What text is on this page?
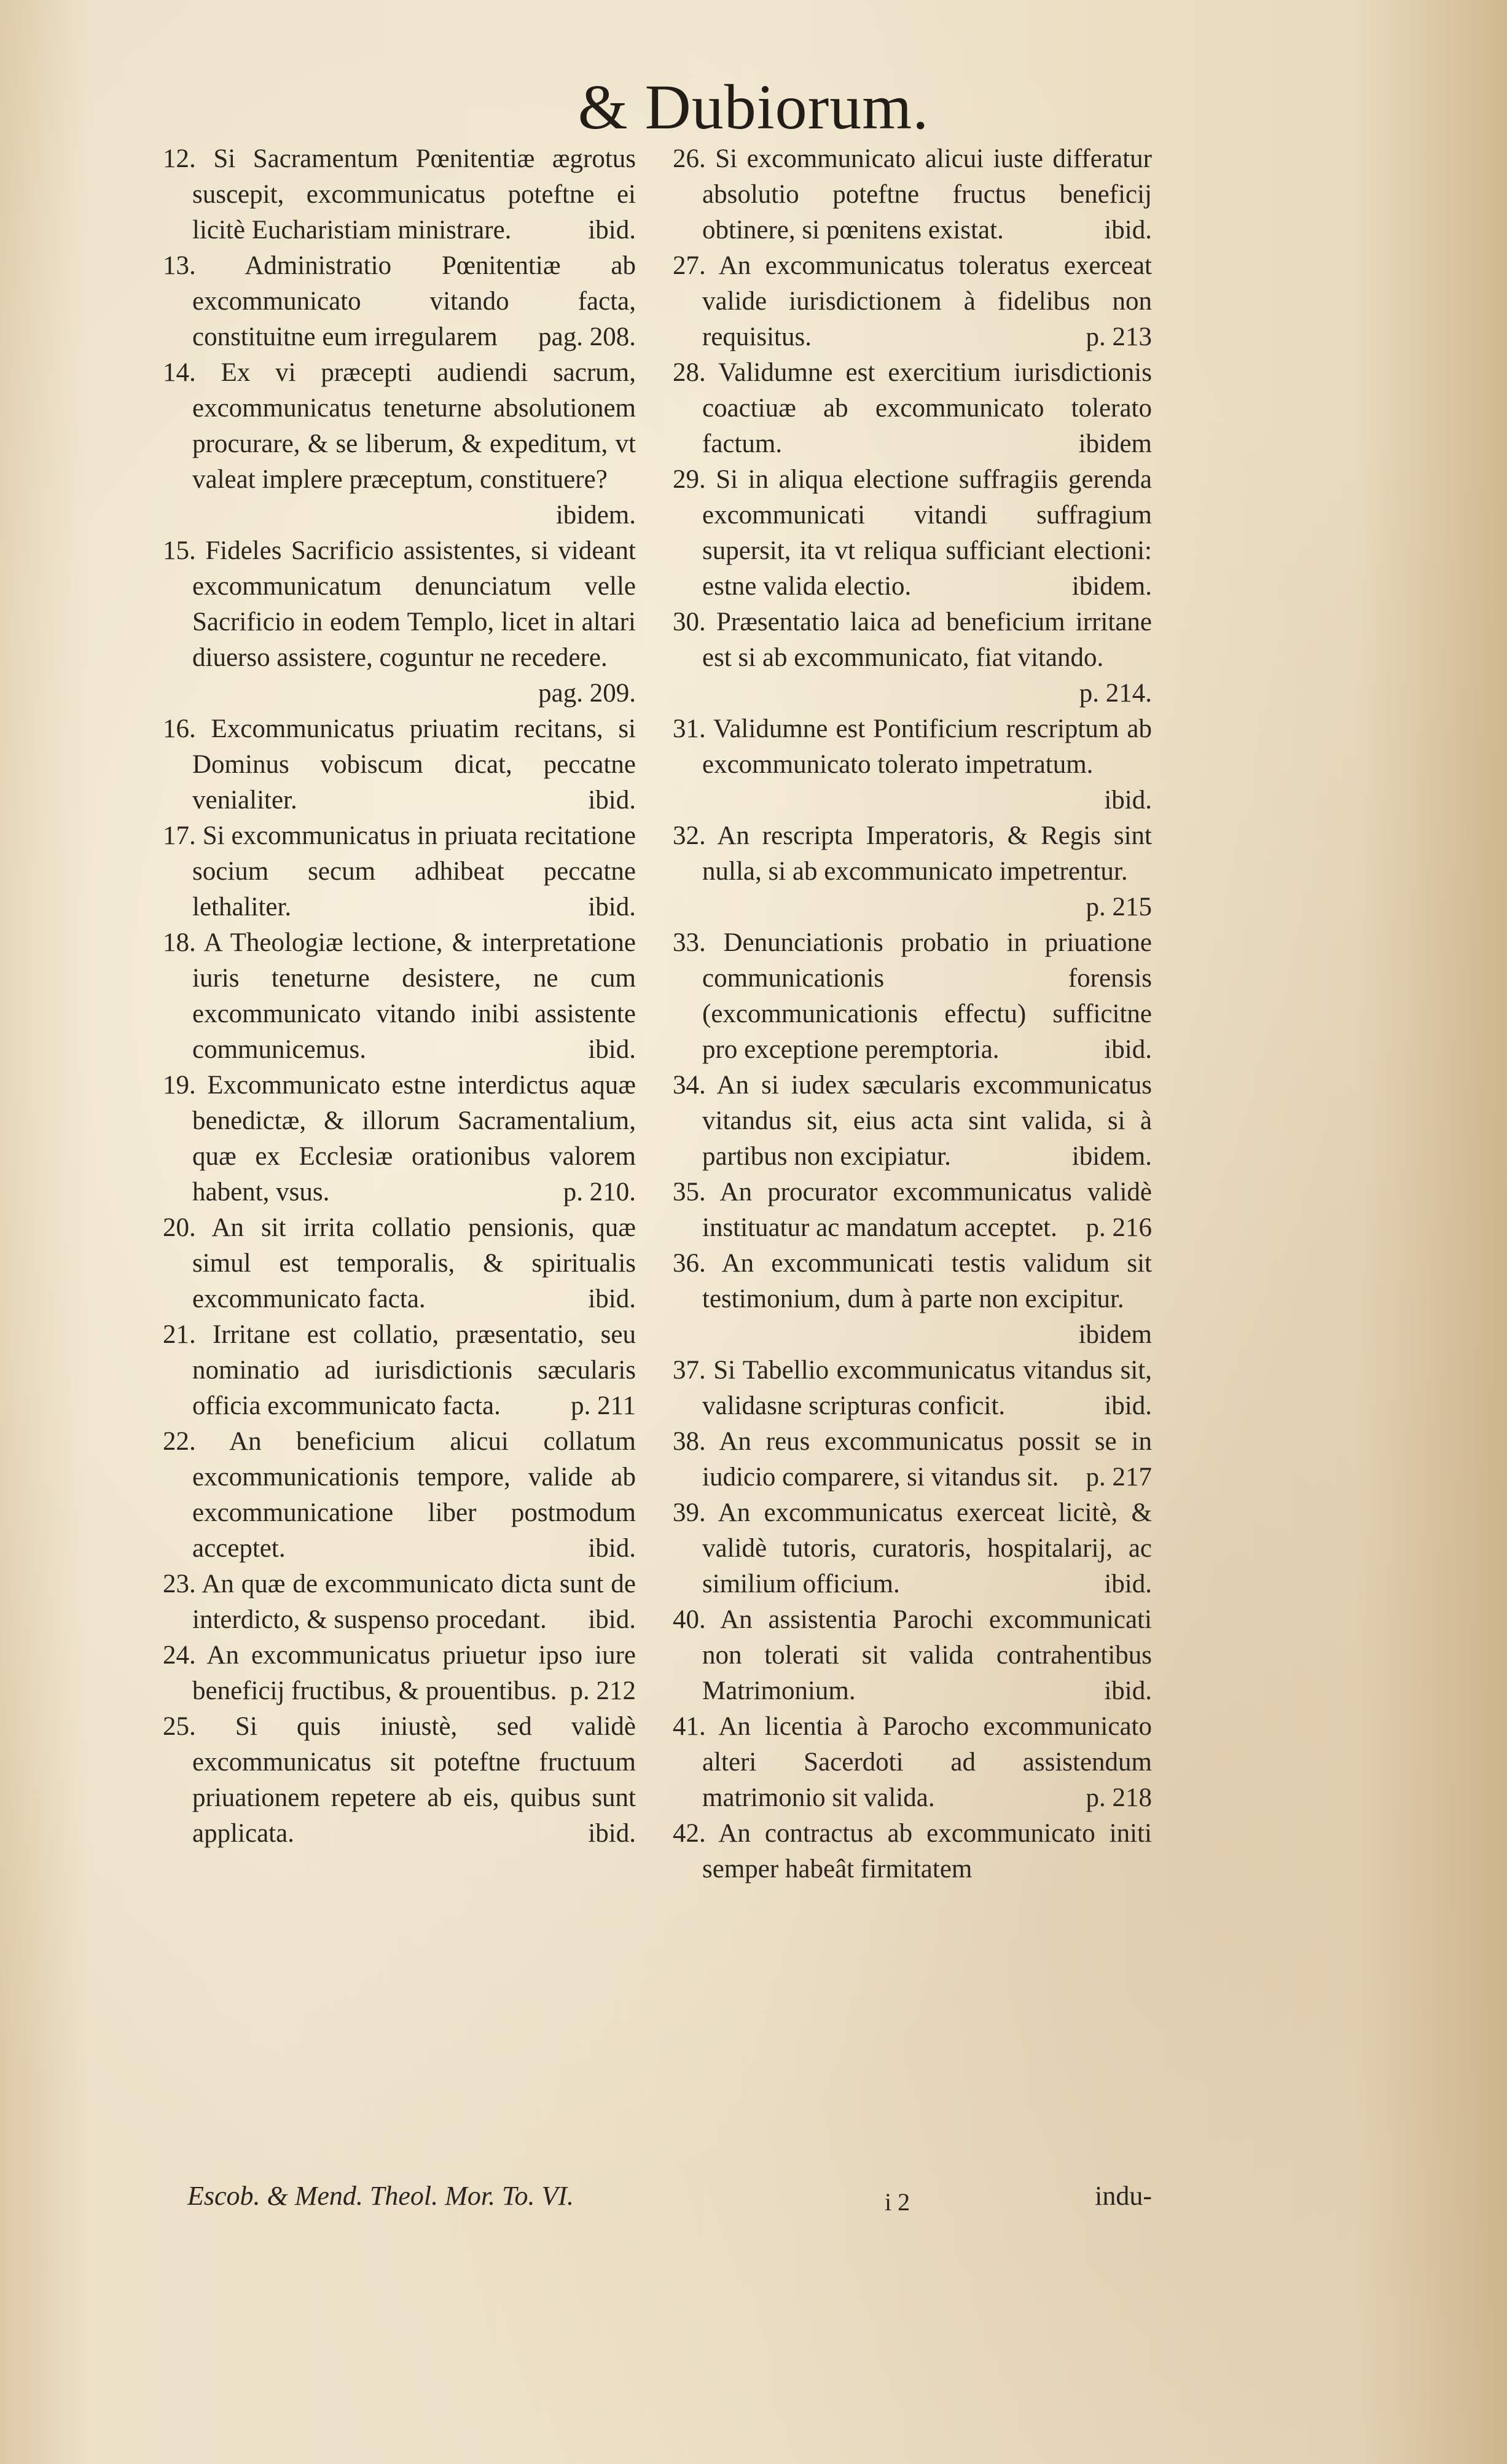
& Dubiorum.
12. Si Sacramentum Pœnitentiæ ægrotus suscepit, excommunicatus poteftne ei licitè Eucharistiam ministrare.	ibid.
13. Administratio Pœnitentiæ ab excommunicato vitando facta, constituitne eum irregularem	pag. 208.
14. Ex vi præcepti audiendi sacrum, excommunicatus teneturne absolutionem procurare, & se liberum, & expeditum, vt valeat implere præceptum, constituere?
ibidem.
15. Fideles Sacrificio assistentes, si videant excommunicatum denunciatum velle Sacrificio in eodem Templo, licet in altari diuerso assistere, coguntur ne recedere.
pag. 209.
16. Excommunicatus priuatim recitans, si Dominus vobiscum dicat, peccatne venialiter.	ibid.
17. Si excommunicatus in priuata recitatione socium secum adhibeat peccatne lethaliter.	ibid.
18. A Theologiæ lectione, & interpretatione iuris teneturne desistere, ne cum excommunicato vitando inibi assistente communicemus.	ibid.
19. Excommunicato estne interdictus aquæ benedictæ, & illorum Sacramentalium, quæ ex Ecclesiæ orationibus valorem habent, vsus.	p. 210.
20. An sit irrita collatio pensionis, quæ simul est temporalis, & spiritualis excommunicato facta.	ibid.
21. Irritane est collatio, præsentatio, seu nominatio ad iurisdictionis sæcularis officia excommunicato facta.	p. 211
22. An beneficium alicui collatum excommunicationis tempore, valide ab excommunicatione liber postmodum acceptet.	ibid.
23. An quæ de excommunicato dicta sunt de interdicto, & suspenso procedant.	ibid.
24. An excommunicatus priuetur ipso iure beneficij fructibus, & prouentibus. p. 212
25. Si quis iniustè, sed validè excommunicatus sit poteftne fructuum priuationem repetere ab eis, quibus sunt applicata.	ibid.
26. Si excommunicato alicui iuste differatur absolutio poteftne fructus beneficij obtinere, si pœnitens existat.	ibid.
27. An excommunicatus toleratus exerceat valide iurisdictionem à fidelibus non requisitus.	p. 213
28. Validumne est exercitium iurisdictionis coactiuæ ab excommunicato tolerato factum.	ibidem
29. Si in aliqua electione suffragiis gerenda excommunicati vitandi suffragium supersit, ita vt reliqua sufficiant electioni: estne valida electio.	ibidem.
30. Præsentatio laica ad beneficium irritane est si ab excommunicato, fiat vitando.
p. 214.
31. Validumne est Pontificium rescriptum ab excommunicato tolerato impetratum.
ibid.
32. An rescripta Imperatoris, & Regis sint nulla, si ab excommunicato impetrentur.
p. 215
33. Denunciationis probatio in priuatione communicationis forensis (excommunicationis effectu) sufficitne pro exceptione peremptoria.	ibid.
34. An si iudex sæcularis excommunicatus vitandus sit, eius acta sint valida, si à partibus non excipiatur.	ibidem.
35. An procurator excommunicatus validè instituatur ac mandatum acceptet.	p. 216
36. An excommunicati testis validum sit testimonium, dum à parte non excipitur.
ibidem
37. Si Tabellio excommunicatus vitandus sit, validasne scripturas conficit.	ibid.
38. An reus excommunicatus possit se in iudicio comparere, si vitandus sit.	p. 217
39. An excommunicatus exerceat licitè, & validè tutoris, curatoris, hospitalarij, ac similium officium.	ibid.
40. An assistentia Parochi excommunicati non tolerati sit valida contrahentibus Matrimonium.	ibid.
41. An licentia à Parocho excommunicato alteri Sacerdoti ad assistendum matrimonio sit valida.	p. 218
42. An contractus ab excommunicato initi semper habeât firmitatem
Escob. & Mend. Theol. Mor. To. VI.	i 2	indu-
